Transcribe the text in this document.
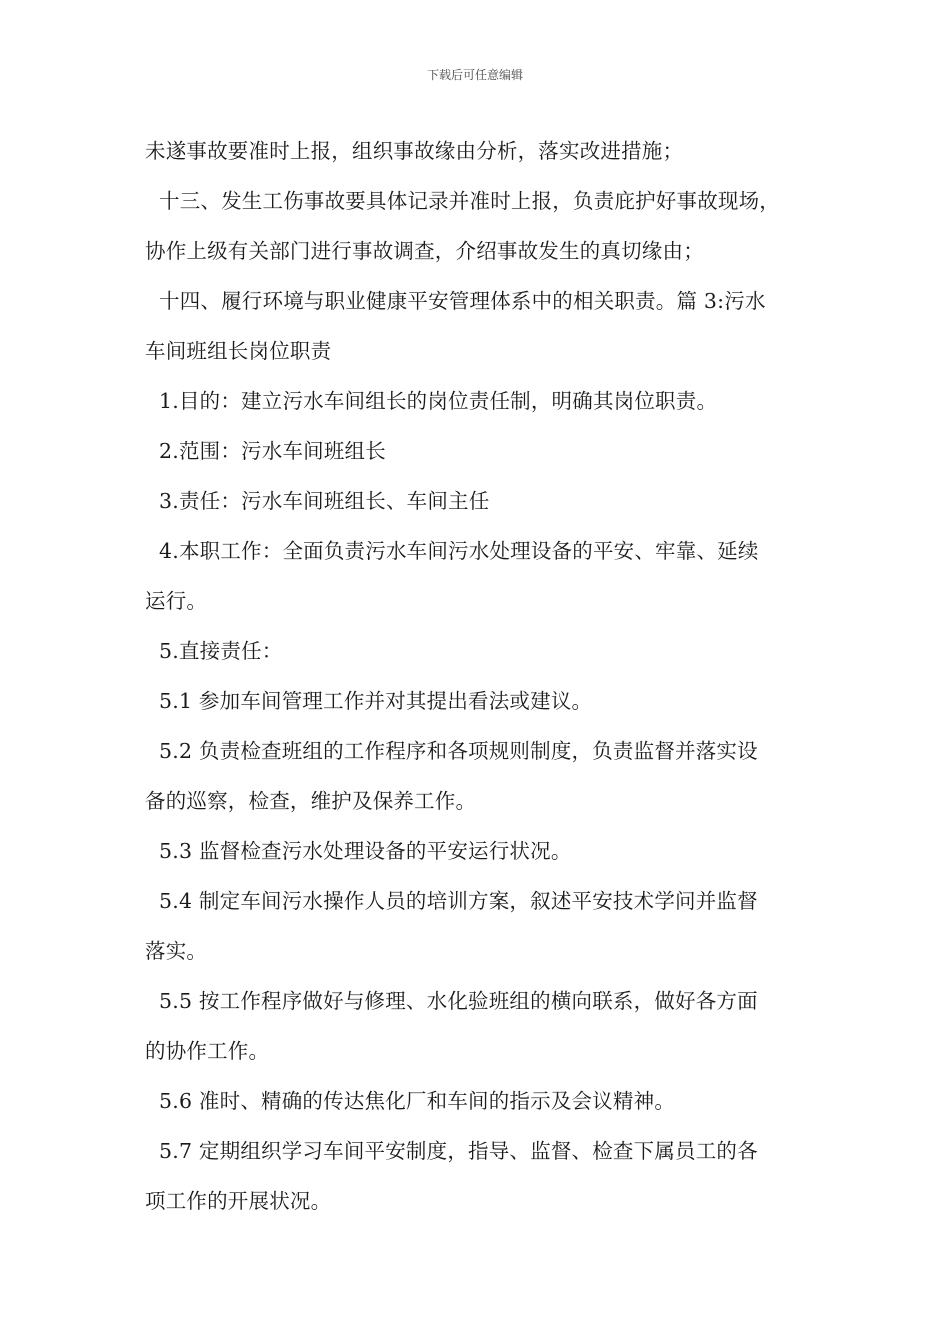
下载后可任意编辑
未遂事故要准时上报，组织事故缘由分析，落实改进措施；
十三、发生工伤事故要具体记录并准时上报，负责庇护好事故现场，
协作上级有关部门进行事故调查，介绍事故发生的真切缘由；
十四、履行环境与职业健康平安管理体系中的相关职责。篇 3:污水
车间班组长岗位职责
1.目的：建立污水车间组长的岗位责任制，明确其岗位职责。
2.范围：污水车间班组长
3.责任：污水车间班组长、车间主任
4.本职工作：全面负责污水车间污水处理设备的平安、牢靠、延续
运行。
5.直接责任：
5.1 参加车间管理工作并对其提出看法或建议。
5.2 负责检查班组的工作程序和各项规则制度，负责监督并落实设
备的巡察，检查，维护及保养工作。
5.3 监督检查污水处理设备的平安运行状况。
5.4 制定车间污水操作人员的培训方案，叙述平安技术学问并监督
落实。
5.5 按工作程序做好与修理、水化验班组的横向联系，做好各方面
的协作工作。
5.6 准时、精确的传达焦化厂和车间的指示及会议精神。
5.7 定期组织学习车间平安制度，指导、监督、检查下属员工的各
项工作的开展状况。
